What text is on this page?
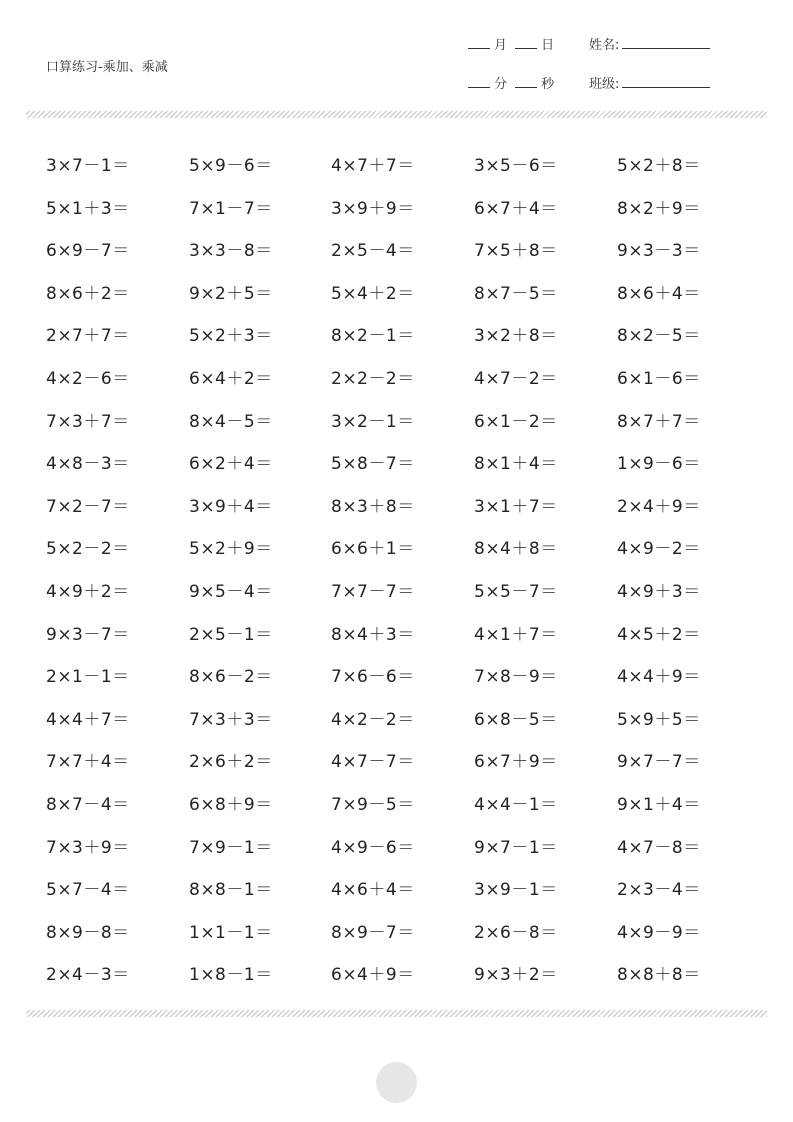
口算练习-乘加、乘减
月	日
分	秒
姓名:
班级:
3×7－1＝	5×9－6＝	4×7＋7＝	3×5－6＝	5×2＋8＝
5×1＋3＝	7×1－7＝	3×9＋9＝	6×7＋4＝	8×2＋9＝
6×9－7＝	3×3－8＝	2×5－4＝	7×5＋8＝	9×3－3＝
8×6＋2＝	9×2＋5＝	5×4＋2＝	8×7－5＝	8×6＋4＝
2×7＋7＝	5×2＋3＝	8×2－1＝	3×2＋8＝	8×2－5＝
4×2－6＝	6×4＋2＝	2×2－2＝	4×7－2＝	6×1－6＝
7×3＋7＝	8×4－5＝	3×2－1＝	6×1－2＝	8×7＋7＝
4×8－3＝	6×2＋4＝	5×8－7＝	8×1＋4＝	1×9－6＝
7×2－7＝	3×9＋4＝	8×3＋8＝	3×1＋7＝	2×4＋9＝
5×2－2＝	5×2＋9＝	6×6＋1＝	8×4＋8＝	4×9－2＝
4×9＋2＝	9×5－4＝	7×7－7＝	5×5－7＝	4×9＋3＝
9×3－7＝	2×5－1＝	8×4＋3＝	4×1＋7＝	4×5＋2＝
2×1－1＝	8×6－2＝	7×6－6＝	7×8－9＝	4×4＋9＝
4×4＋7＝	7×3＋3＝	4×2－2＝	6×8－5＝	5×9＋5＝
7×7＋4＝	2×6＋2＝	4×7－7＝	6×7＋9＝	9×7－7＝
8×7－4＝	6×8＋9＝	7×9－5＝	4×4－1＝	9×1＋4＝
7×3＋9＝	7×9－1＝	4×9－6＝	9×7－1＝	4×7－8＝
5×7－4＝	8×8－1＝	4×6＋4＝	3×9－1＝	2×3－4＝
8×9－8＝	1×1－1＝	8×9－7＝	2×6－8＝	4×9－9＝
2×4－3＝	1×8－1＝	6×4＋9＝	9×3＋2＝	8×8＋8＝
